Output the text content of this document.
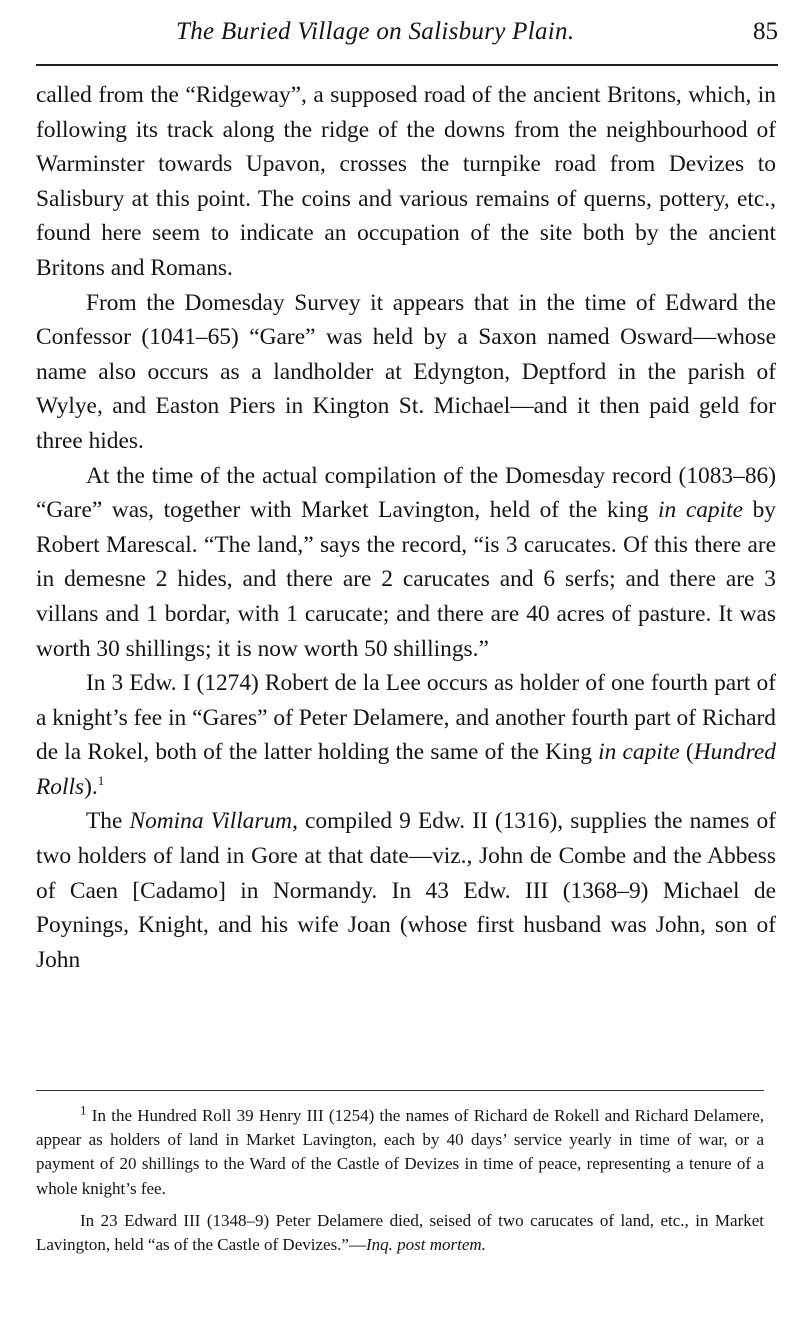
The Buried Village on Salisbury Plain.	85

called from the “Ridgeway”, a supposed road of the ancient Britons, which, in following its track along the ridge of the downs from the neighbourhood of Warminster towards Upavon, crosses the turnpike road from Devizes to Salisbury at this point. The coins and various remains of querns, pottery, etc., found here seem to indicate an occupation of the site both by the ancient Britons and Romans.

From the Domesday Survey it appears that in the time of Edward the Confessor (1041–65) “Gare” was held by a Saxon named Osward—whose name also occurs as a landholder at Edyngton, Deptford in the parish of Wylye, and Easton Piers in Kington St. Michael—and it then paid geld for three hides.

At the time of the actual compilation of the Domesday record (1083–86) “Gare” was, together with Market Lavington, held of the king in capite by Robert Marescal. “The land,” says the record, “is 3 carucates. Of this there are in demesne 2 hides, and there are 2 carucates and 6 serfs; and there are 3 villans and 1 bordar, with 1 carucate; and there are 40 acres of pasture. It was worth 30 shillings; it is now worth 50 shillings.”

In 3 Edw. I (1274) Robert de la Lee occurs as holder of one fourth part of a knight’s fee in “Gares” of Peter Delamere, and another fourth part of Richard de la Rokel, both of the latter holding the same of the King in capite (Hundred Rolls).$^1$

The Nomina Villarum, compiled 9 Edw. II (1316), supplies the names of two holders of land in Gore at that date—viz., John de Combe and the Abbess of Caen [Cadamo] in Normandy. In 43 Edw. III (1368–9) Michael de Poynings, Knight, and his wife Joan (whose first husband was John, son of John

$^1$ In the Hundred Roll 39 Henry III (1254) the names of Richard de Rokell and Richard Delamere, appear as holders of land in Market Lavington, each by 40 days’ service yearly in time of war, or a payment of 20 shillings to the Ward of the Castle of Devizes in time of peace, representing a tenure of a whole knight’s fee.

In 23 Edward III (1348–9) Peter Delamere died, seised of two carucates of land, etc., in Market Lavington, held “as of the Castle of Devizes.”—Inq. post mortem.
